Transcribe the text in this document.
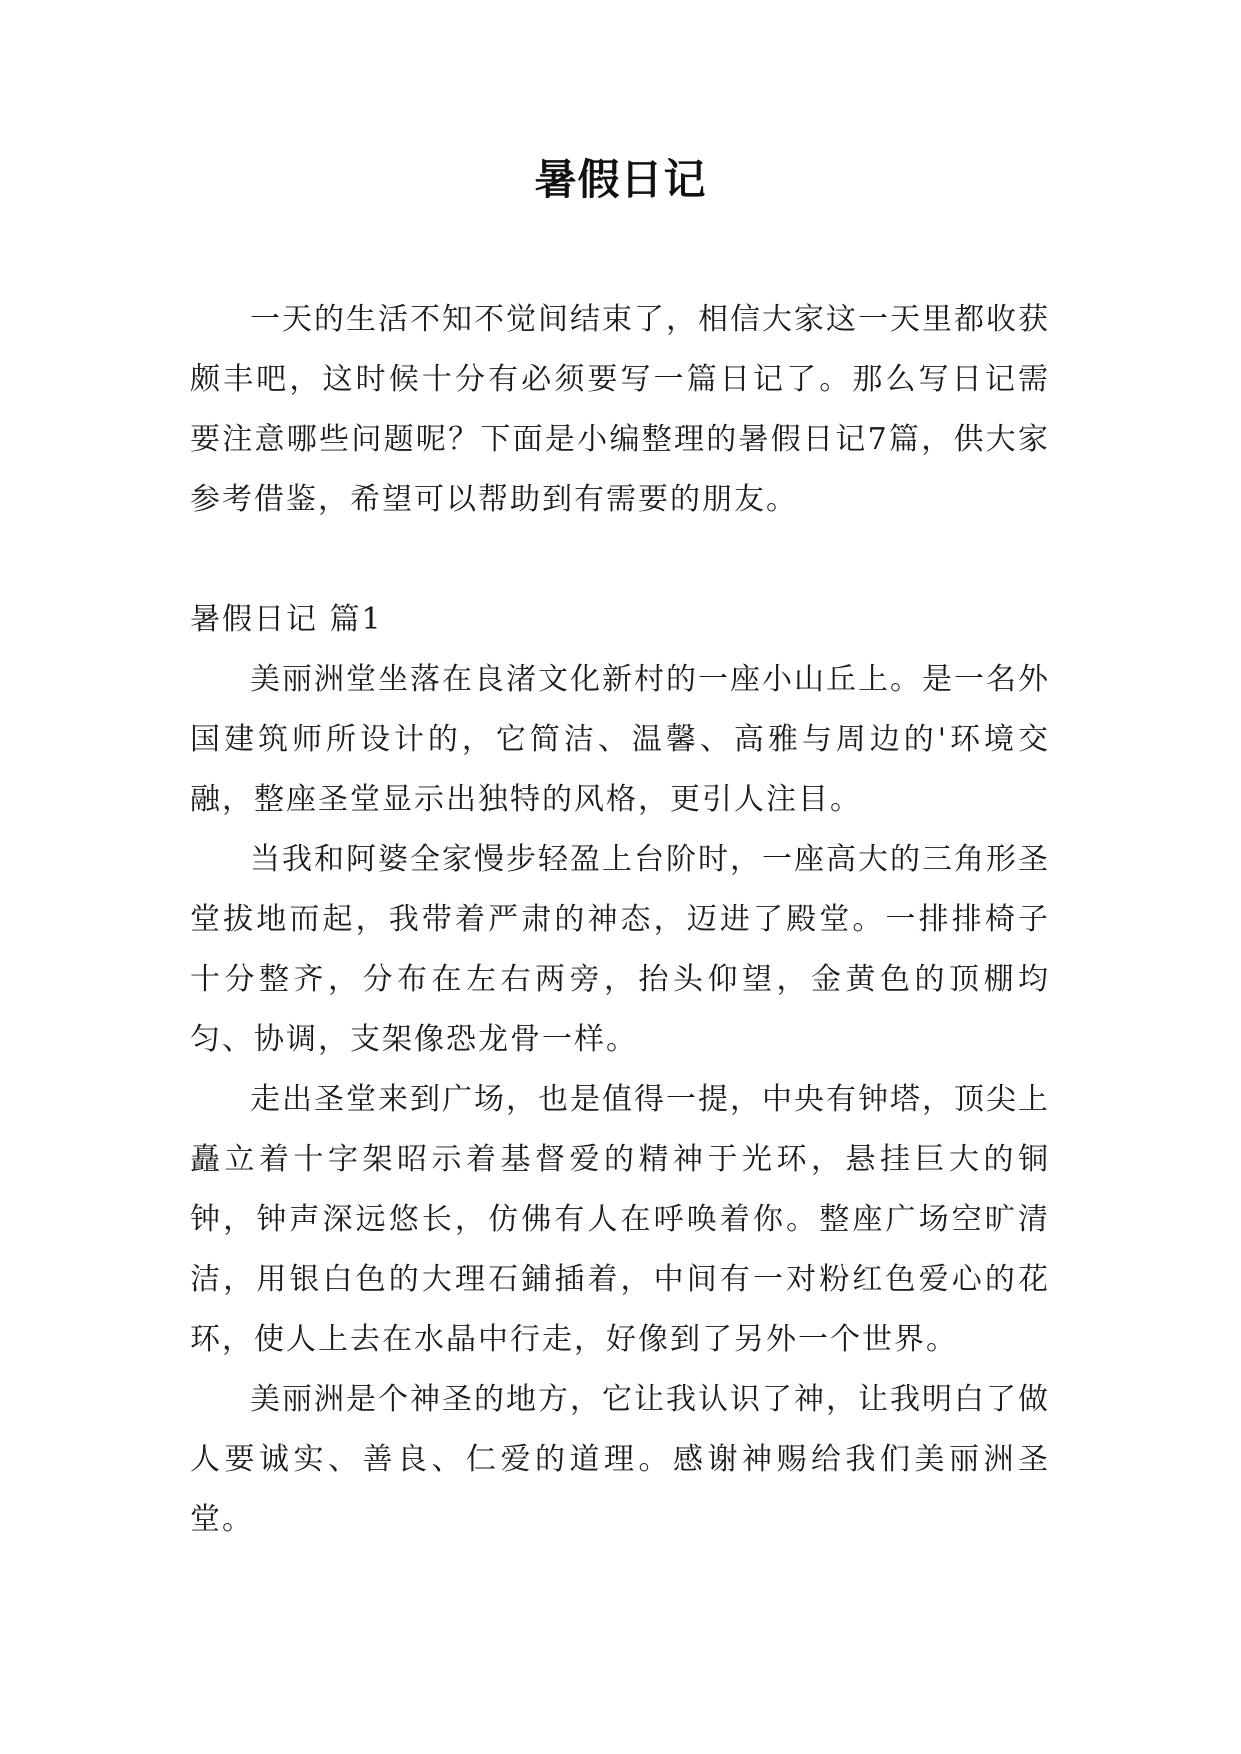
暑假日记

一天的生活不知不觉间结束了，相信大家这一天里都收获颇丰吧，这时候十分有必须要写一篇日记了。那么写日记需要注意哪些问题呢？下面是小编整理的暑假日记7篇，供大家参考借鉴，希望可以帮助到有需要的朋友。

暑假日记 篇1

美丽洲堂坐落在良渚文化新村的一座小山丘上。是一名外国建筑师所设计的，它简洁、温馨、高雅与周边的'环境交融，整座圣堂显示出独特的风格，更引人注目。

当我和阿婆全家慢步轻盈上台阶时，一座高大的三角形圣堂拔地而起，我带着严肃的神态，迈进了殿堂。一排排椅子十分整齐，分布在左右两旁，抬头仰望，金黄色的顶棚均匀、协调，支架像恐龙骨一样。

走出圣堂来到广场，也是值得一提，中央有钟塔，顶尖上矗立着十字架昭示着基督爱的精神于光环，悬挂巨大的铜钟，钟声深远悠长，仿佛有人在呼唤着你。整座广场空旷清洁，用银白色的大理石鋪插着，中间有一对粉红色爱心的花环，使人上去在水晶中行走，好像到了另外一个世界。

美丽洲是个神圣的地方，它让我认识了神，让我明白了做人要诚实、善良、仁爱的道理。感谢神赐给我们美丽洲圣堂。
